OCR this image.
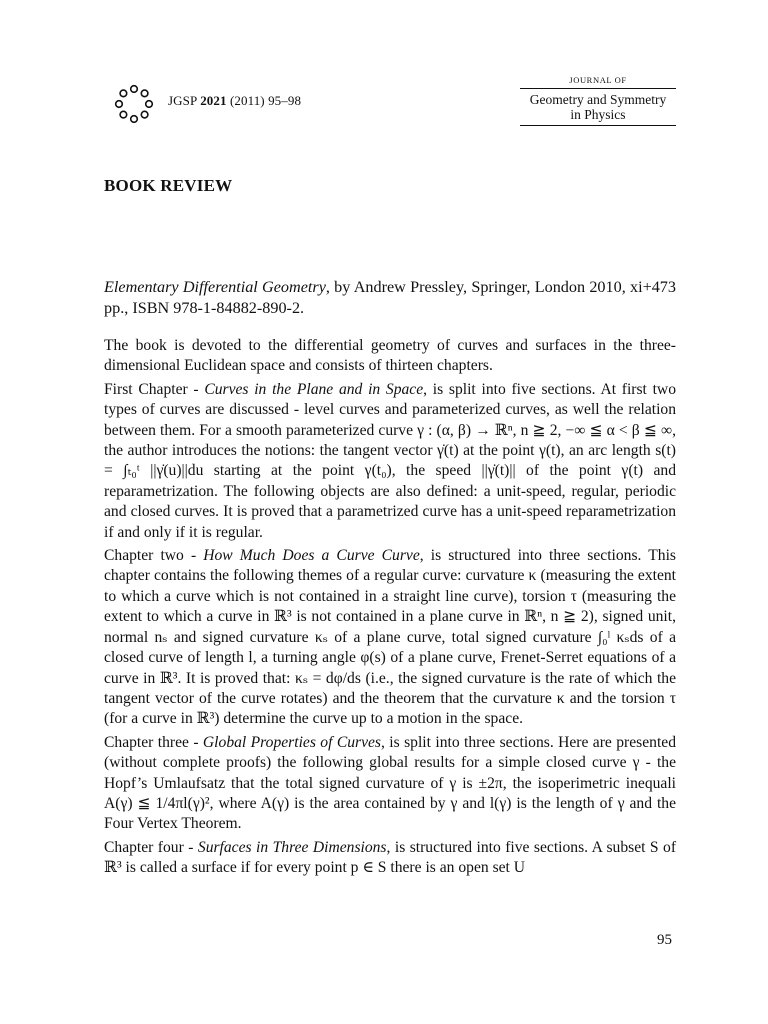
JGSP 2021 (2011) 95–98
JOURNAL OF
Geometry and Symmetry
in Physics
BOOK REVIEW
Elementary Differential Geometry, by Andrew Pressley, Springer, London 2010, xi+473 pp., ISBN 978-1-84882-890-2.

The book is devoted to the differential geometry of curves and surfaces in the three-dimensional Euclidean space and consists of thirteen chapters.

First Chapter - Curves in the Plane and in Space, is split into five sections. At first two types of curves are discussed - level curves and parameterized curves, as well the relation between them. For a smooth parameterized curve γ : (α, β) → ℝⁿ, n ≧ 2, −∞ ≦ α < β ≦ ∞, the author introduces the notions: the tangent vector γ̇(t) at the point γ(t), an arc length s(t) = ∫ₜ₀ᵗ ||γ̇(u)||du starting at the point γ(t₀), the speed ||γ̇(t)|| of the point γ(t) and reparametrization. The following objects are also defined: a unit-speed, regular, periodic and closed curves. It is proved that a parametrized curve has a unit-speed reparametrization if and only if it is regular.

Chapter two - How Much Does a Curve Curve, is structured into three sections. This chapter contains the following themes of a regular curve: curvature κ (measuring the extent to which a curve which is not contained in a straight line curve), torsion τ (measuring the extent to which a curve in ℝ³ is not contained in a plane curve in ℝⁿ, n ≧ 2), signed unit, normal nₛ and signed curvature κₛ of a plane curve, total signed curvature ∫₀ˡ κₛds of a closed curve of length l, a turning angle φ(s) of a plane curve, Frenet-Serret equations of a curve in ℝ³. It is proved that: κₛ = dφ/ds (i.e., the signed curvature is the rate of which the tangent vector of the curve rotates) and the theorem that the curvature κ and the torsion τ (for a curve in ℝ³) determine the curve up to a motion in the space.

Chapter three - Global Properties of Curves, is split into three sections. Here are presented (without complete proofs) the following global results for a simple closed curve γ - the Hopf’s Umlaufsatz that the total signed curvature of γ is ±2π, the isoperimetric inequali A(γ) ≦ 1/4πl(γ)², where A(γ) is the area contained by γ and l(γ) is the length of γ and the Four Vertex Theorem.

Chapter four - Surfaces in Three Dimensions, is structured into five sections. A subset S of ℝ³ is called a surface if for every point p ∈ S there is an open set U

95
